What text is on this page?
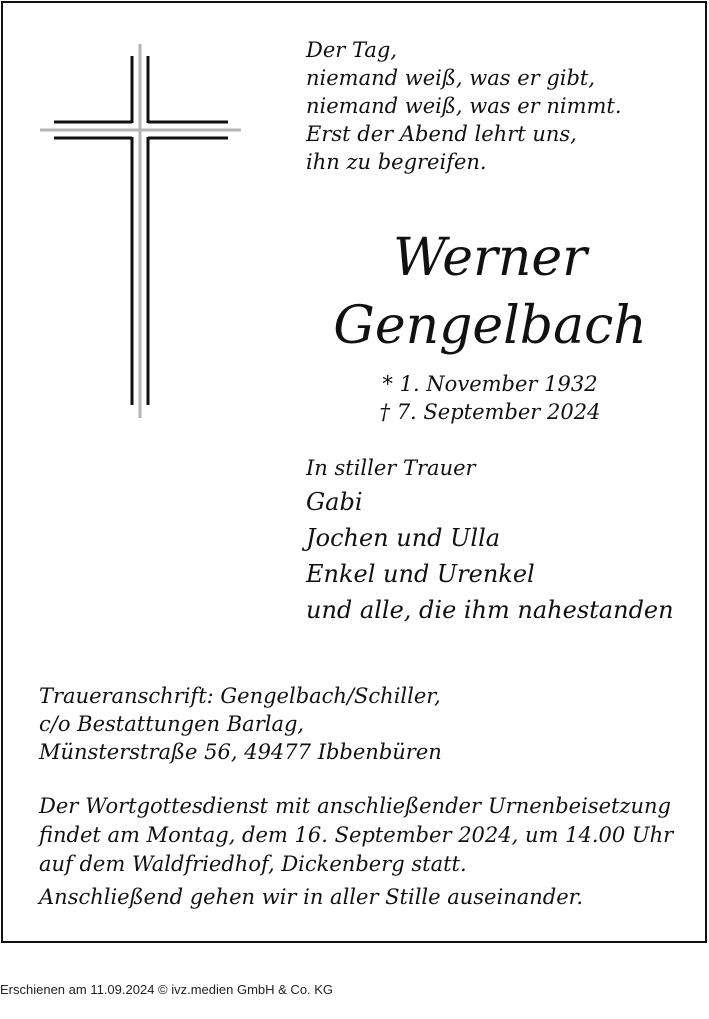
Der Tag,
niemand weiß, was er gibt,
niemand weiß, was er nimmt.
Erst der Abend lehrt uns,
ihn zu begreifen.
Werner
Gengelbach
* 1. November 1932
† 7. September 2024
In stiller Trauer
Gabi
Jochen und Ulla
Enkel und Urenkel
und alle, die ihm nahestanden
Traueranschrift: Gengelbach/Schiller,
c/o Bestattungen Barlag,
Münsterstraße 56, 49477 Ibbenbüren
Der Wortgottesdienst mit anschließender Urnenbeisetzung
findet am Montag, dem 16. September 2024, um 14.00 Uhr
auf dem Waldfriedhof, Dickenberg statt.
Anschließend gehen wir in aller Stille auseinander.
Erschienen am 11.09.2024 © ivz.medien GmbH & Co. KG
